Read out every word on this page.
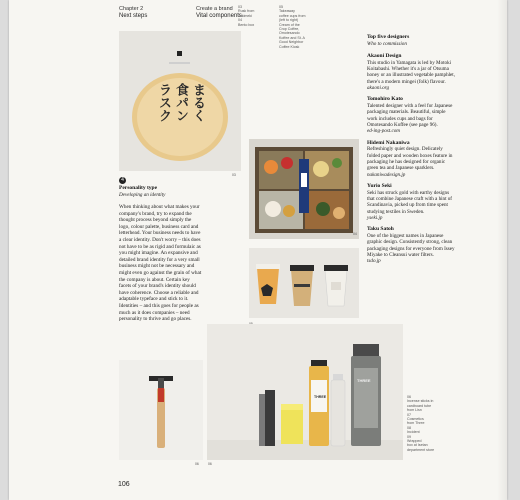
Chapter 2
Next steps
Create a brand
Vital components
03
Rusk from
Tokimeki
04
Bento box
05
Takeaway
coffee cups from
(left to right)
Cream of the
Crop Coffee,
Omotesando
Koffee and St. A
Good Neighbor
Coffee Kiosk
まるく
食パン
ラスク
03
4
Personality type
Developing an identity
When thinking about what makes your company's brand, try to expand the thought process beyond simply the logo, colour palette, business card and letterhead. Your business needs to have a clear identity. Don't worry – this does not have to be as rigid and formulaic as you might imagine. An expansive and detailed brand identity for a very small business might not be necessary and might even go against the grain of what the company is about. Certain key facets of your brand's identity should have coherence. Choose a reliable and adaptable typeface and stick to it. Identities – and this goes for people as much as it does companies – need personality to thrive and go places.
04
THREE
THREE
06
06

Top five designers

Who to commission

Akaoni Design

This studio in Yamagata is led by Motoki Koitabashi. Whether it's a jar of Otsuma honey or an illustrated vegetable pamphlet, there's a modern mingei (folk) flavour.

akaoni.org

Tomohiro Kato

Talented designer with a feel for Japanese packaging materials. Beautiful, simple work includes cups and bags for Omotesando Koffee (see page 96).

ed-ing-post.com

Hidemi Nakaniwa

Refreshingly quiet design. Delicately folded paper and wooden boxes feature in packaging he has designed for organic green tea and Japanese sparklers.

nakaniwadesign.jp

Yurio Seki

Seki has struck gold with earthy designs that combine Japanese craft with a hint of Scandinavia, picked up from time spent studying textiles in Sweden.

yseki.jp

Taku Satoh

One of the biggest names in Japanese graphic design. Consistently strong, clean packaging designs for everyone from Issey Miyake to Cleansui water filters.

tsdo.jp

06
Incense sticks in
cardboard tube
from Lisn
07
Cosmetics
from Three
08
Incident
09
Wrapped
box at Isetan
department store
106
